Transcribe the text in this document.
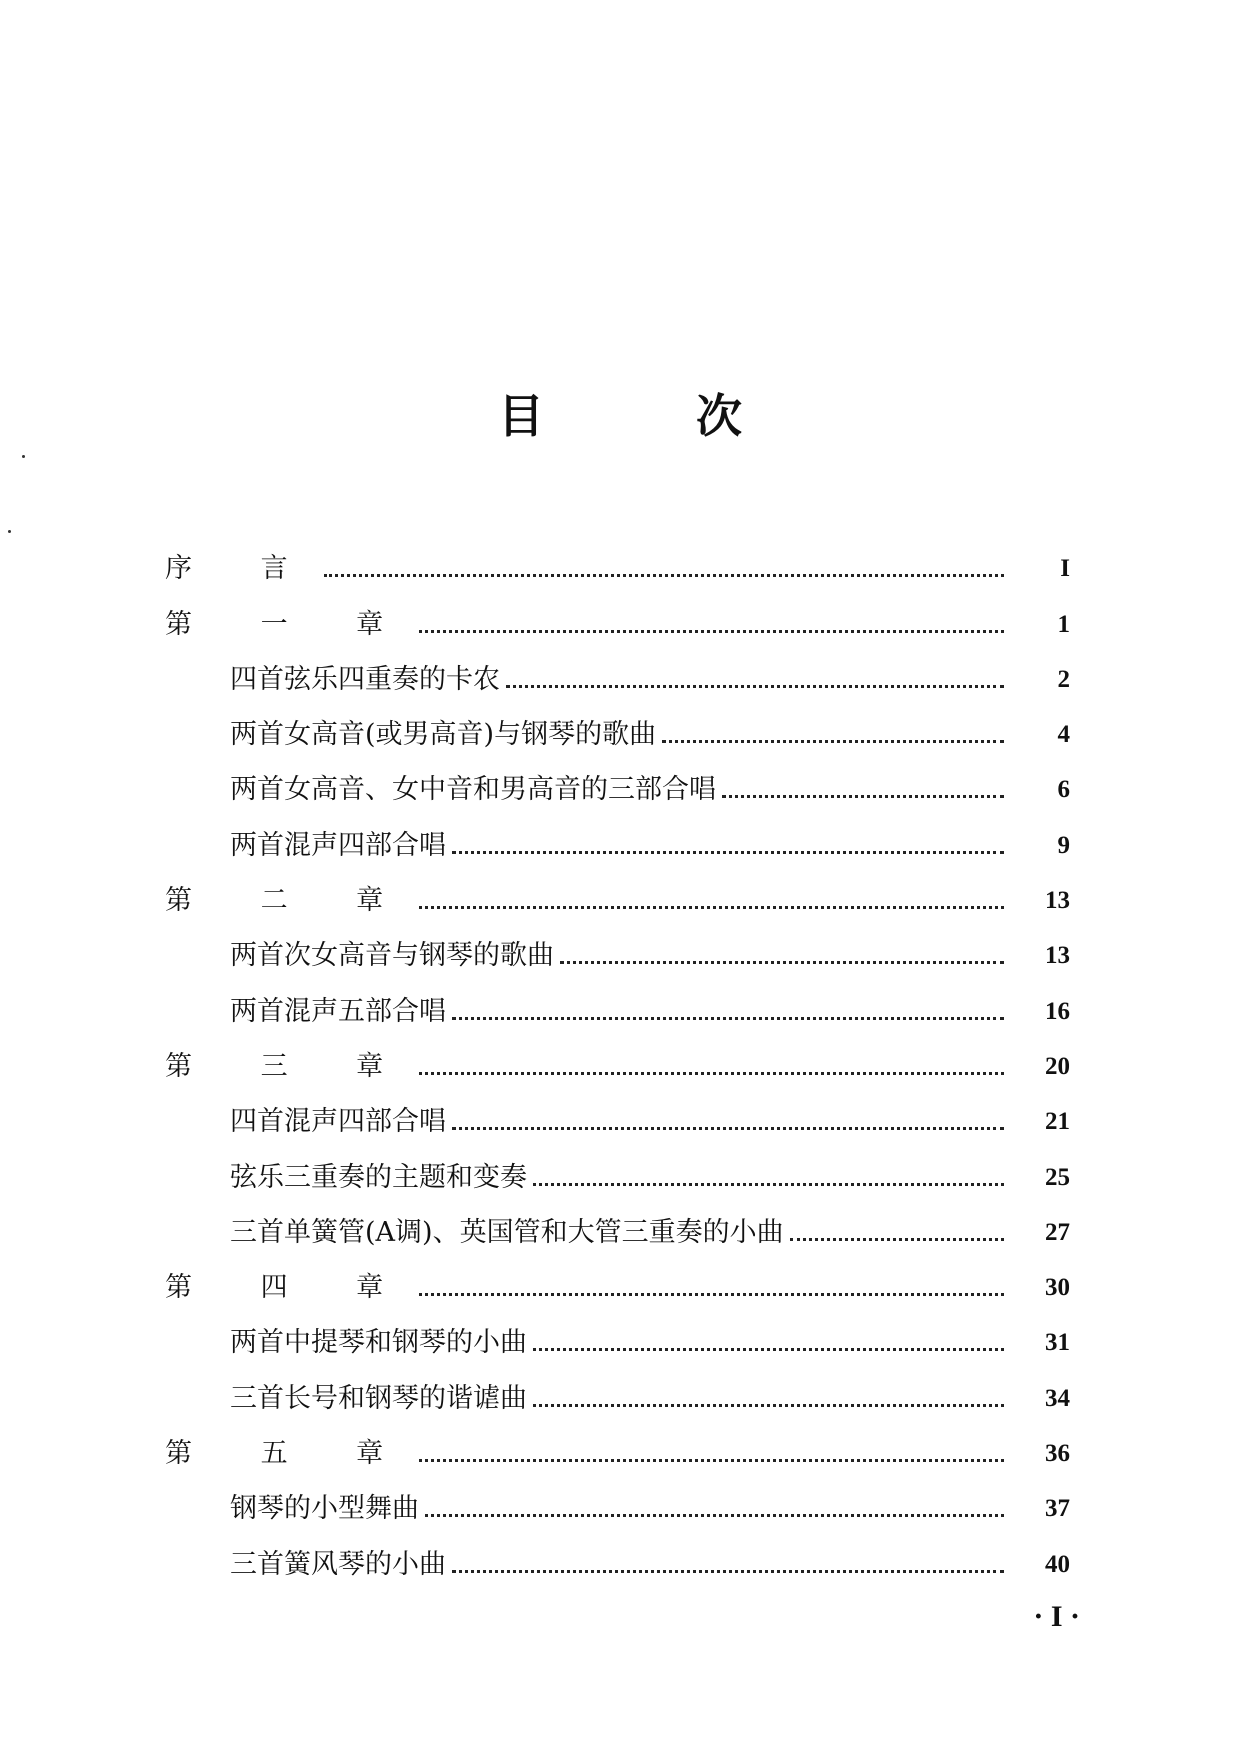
目	次
序 言	I
第 一 章	1
四首弦乐四重奏的卡农	2
两首女高音(或男高音)与钢琴的歌曲	4
两首女高音、女中音和男高音的三部合唱	6
两首混声四部合唱	9
第 二 章	13
两首次女高音与钢琴的歌曲	13
两首混声五部合唱	16
第 三 章	20
四首混声四部合唱	21
弦乐三重奏的主题和变奏	25
三首单簧管(A调)、英国管和大管三重奏的小曲	27
第 四 章	30
两首中提琴和钢琴的小曲	31
三首长号和钢琴的谐谑曲	34
第 五 章	36
钢琴的小型舞曲	37
三首簧风琴的小曲	40
· I ·
